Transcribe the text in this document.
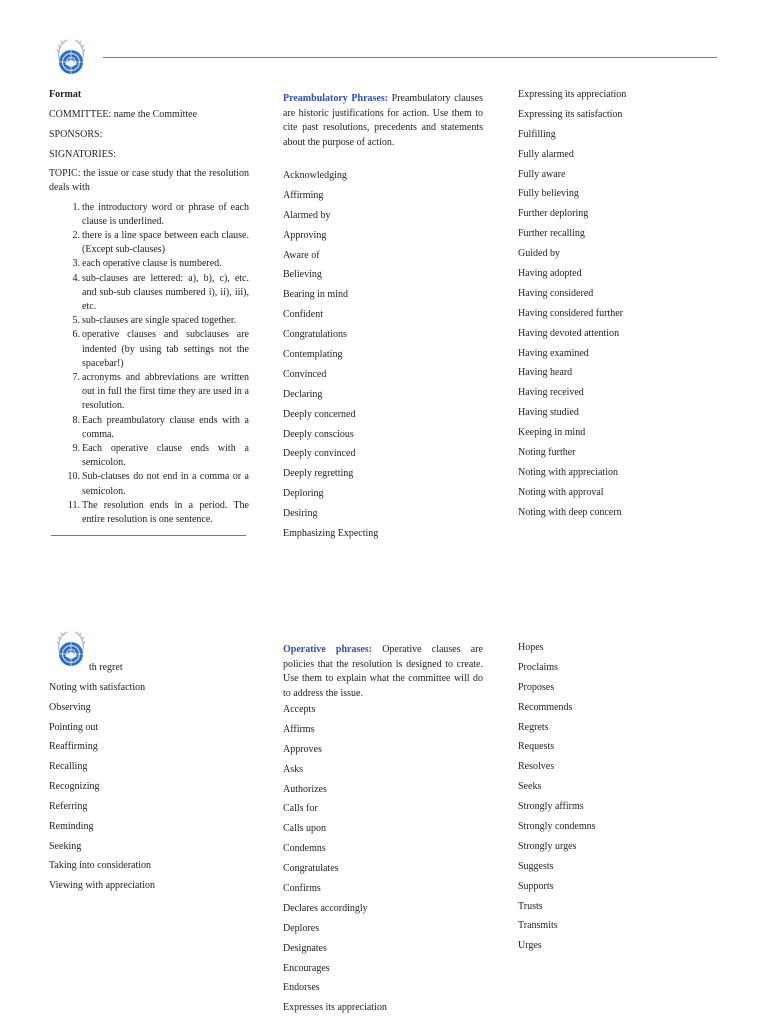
Format
COMMITTEE: name the Committee
SPONSORS:
SIGNATORIES:
TOPIC: the issue or case study that the resolution deals with
1. the introductory word or phrase of each clause is underlined.
2. there is a line space between each clause. (Except sub-clauses)
3. each operative clause is numbered.
4. sub-clauses are lettered: a), b), c), etc. and sub-sub clauses numbered i), ii), iii), etc.
5. sub-clauses are single spaced together.
6. operative clauses and subclauses are indented (by using tab settings not the spacebar!)
7. acronyms and abbreviations are written out in full the first time they are used in a resolution.
8. Each preambulatory clause ends with a comma.
9. Each operative clause ends with a semicolon.
10. Sub-clauses do not end in a comma or a semicolon.
11. The resolution ends in a period. The entire resolution is one sentence.
Preambulatory Phrases: Preambulatory clauses are historic justifications for action. Use them to cite past resolutions, precedents and statements about the purpose of action.
Acknowledging
Affirming
Alarmed by
Approving
Aware of
Believing
Bearing in mind
Confident
Congratulations
Contemplating
Convinced
Declaring
Deeply concerned
Deeply conscious
Deeply convinced
Deeply regretting
Deploring
Desiring
Emphasizing Expecting
Expressing its appreciation
Expressing its satisfaction
Fulfilling
Fully alarmed
Fully aware
Fully believing
Further deploring
Further recalling
Guided by
Having adopted
Having considered
Having considered further
Having devoted attention
Having examined
Having heard
Having received
Having studied
Keeping in mind
Noting further
Noting with appreciation
Noting with approval
Noting with deep concern
th regret
Noting with satisfaction
Observing
Pointing out
Reaffirming
Recalling
Recognizing
Referring
Reminding
Seeking
Taking into consideration
Viewing with appreciation
Operative phrases: Operative clauses are policies that the resolution is designed to create. Use them to explain what the committee will do to address the issue.
Accepts
Affirms
Approves
Asks
Authorizes
Calls for
Calls upon
Condemns
Congratulates
Confirms
Declares accordingly
Deplores
Designates
Encourages
Endorses
Expresses its appreciation
Hopes
Proclaims
Proposes
Recommends
Regrets
Requests
Resolves
Seeks
Strongly affirms
Strongly condemns
Strongly urges
Suggests
Supports
Trusts
Transmits
Urges
